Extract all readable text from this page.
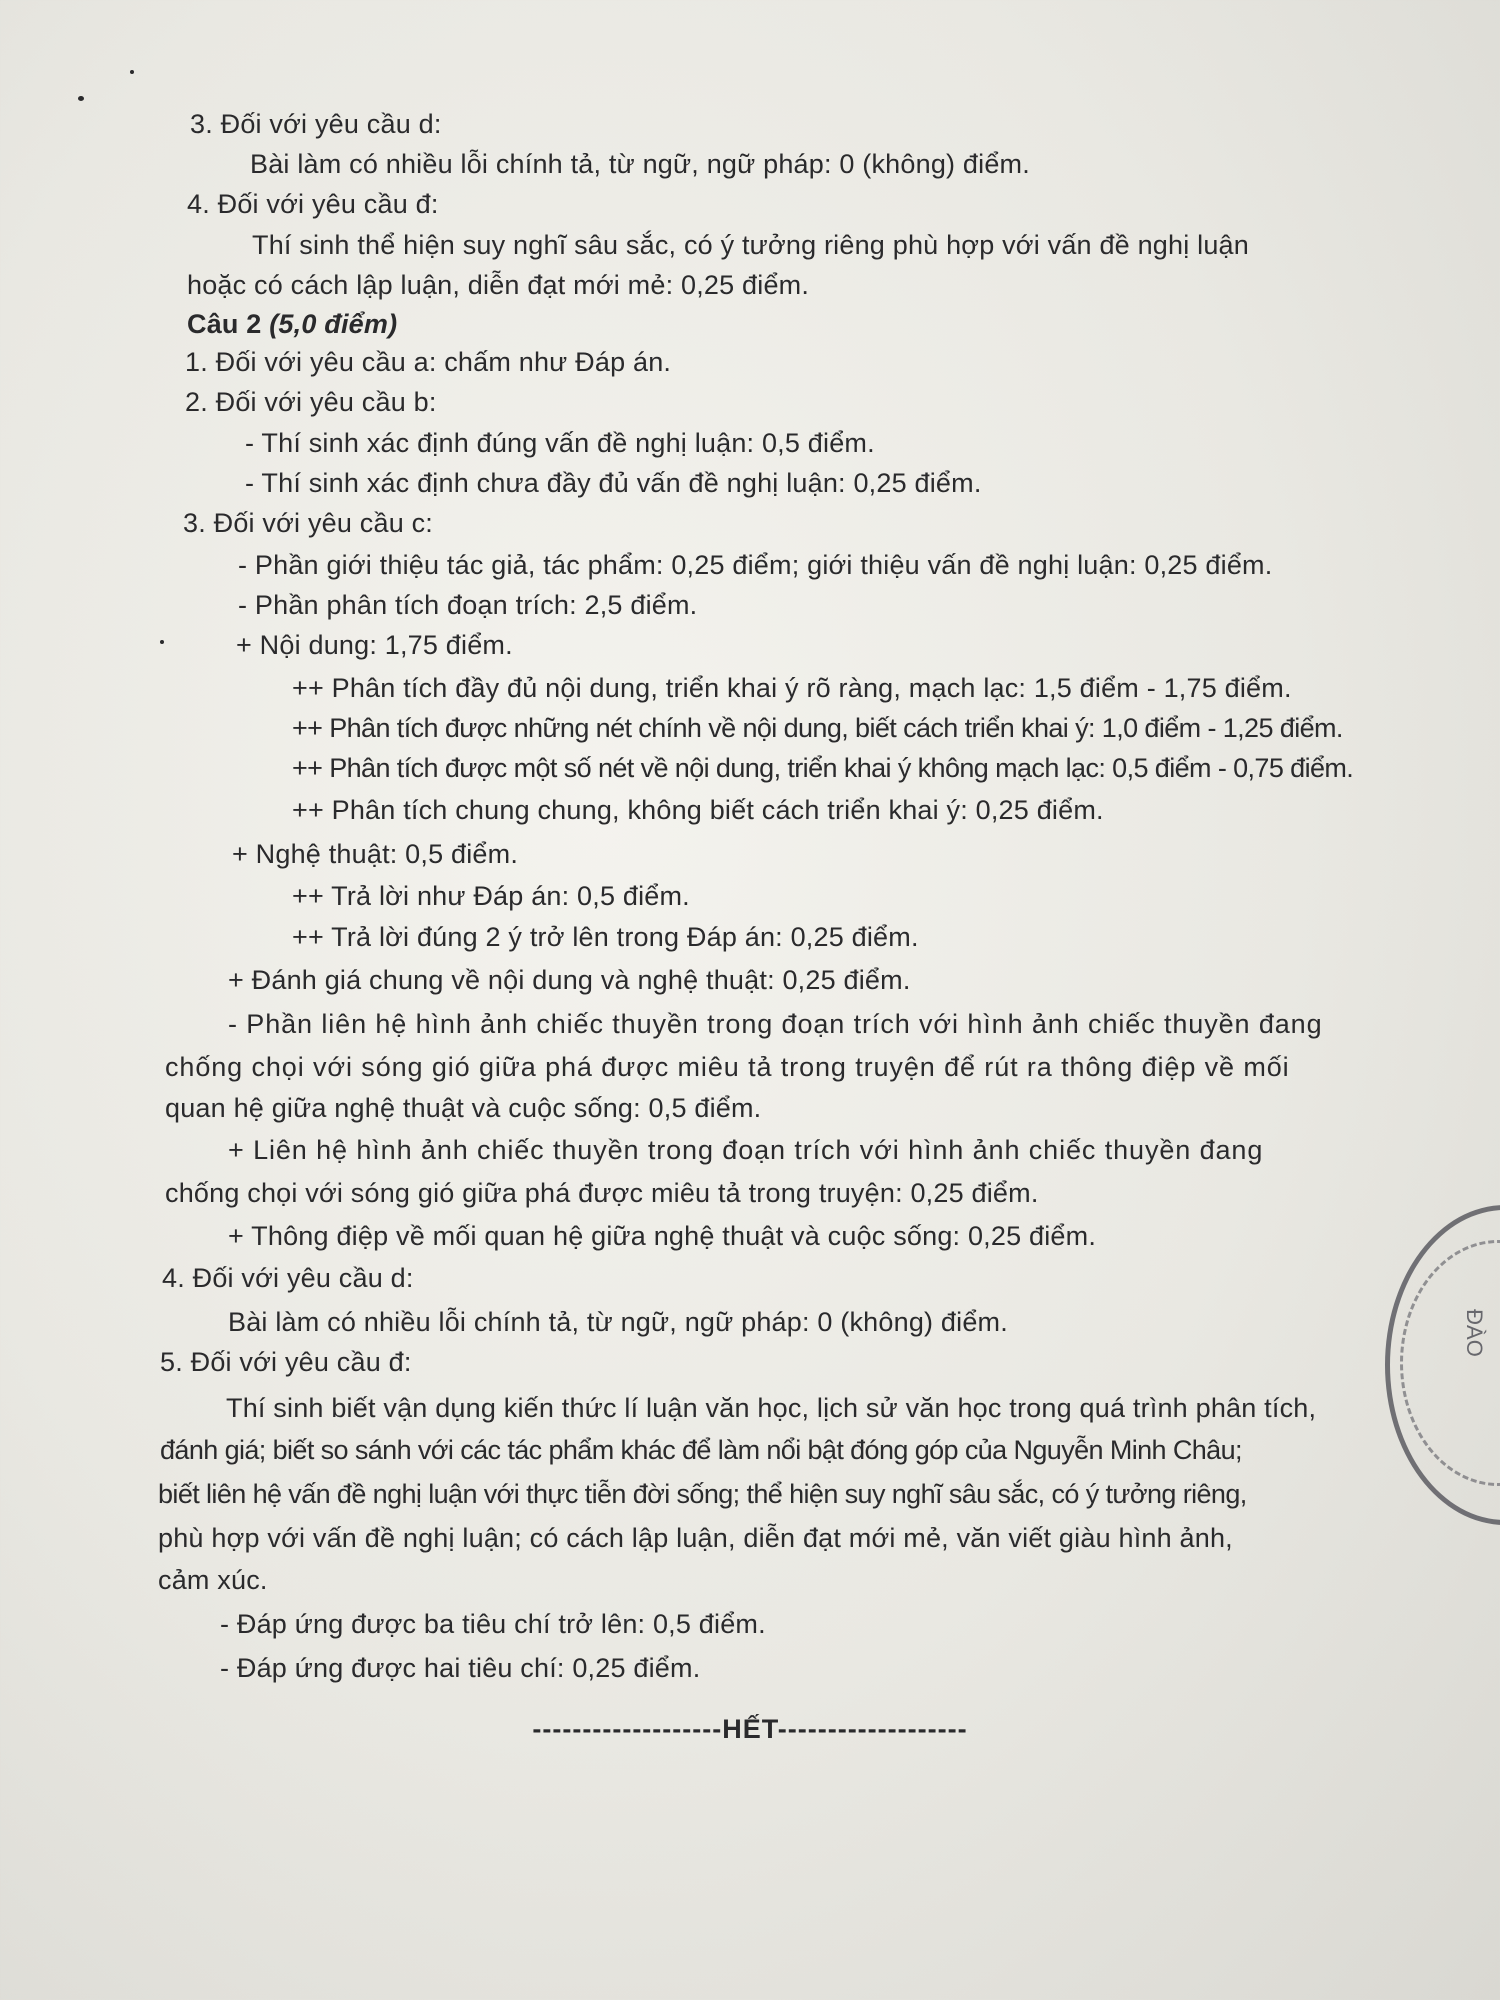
ĐÀO
-------------------HẾT-------------------
3. Đối với yêu cầu d:
Bài làm có nhiều lỗi chính tả, từ ngữ, ngữ pháp: 0 (không) điểm.
4. Đối với yêu cầu đ:
Thí sinh thể hiện suy nghĩ sâu sắc, có ý tưởng riêng phù hợp với vấn đề nghị luận
hoặc có cách lập luận, diễn đạt mới mẻ: 0,25 điểm.
Câu 2 (5,0 điểm)
1. Đối với yêu cầu a: chấm như Đáp án.
2. Đối với yêu cầu b:
- Thí sinh xác định đúng vấn đề nghị luận: 0,5 điểm.
- Thí sinh xác định chưa đầy đủ vấn đề nghị luận: 0,25 điểm.
3. Đối với yêu cầu c:
- Phần giới thiệu tác giả, tác phẩm: 0,25 điểm; giới thiệu vấn đề nghị luận: 0,25 điểm.
- Phần phân tích đoạn trích: 2,5 điểm.
+ Nội dung: 1,75 điểm.
++ Phân tích đầy đủ nội dung, triển khai ý rõ ràng, mạch lạc: 1,5 điểm - 1,75 điểm.
++ Phân tích được những nét chính về nội dung, biết cách triển khai ý: 1,0 điểm - 1,25 điểm.
++ Phân tích được một số nét về nội dung, triển khai ý không mạch lạc: 0,5 điểm - 0,75 điểm.
++ Phân tích chung chung, không biết cách triển khai ý: 0,25 điểm.
+ Nghệ thuật: 0,5 điểm.
++ Trả lời như Đáp án: 0,5 điểm.
++ Trả lời đúng 2 ý trở lên trong Đáp án: 0,25 điểm.
+ Đánh giá chung về nội dung và nghệ thuật: 0,25 điểm.
- Phần liên hệ hình ảnh chiếc thuyền trong đoạn trích với hình ảnh chiếc thuyền đang
chống chọi với sóng gió giữa phá được miêu tả trong truyện để rút ra thông điệp về mối
quan hệ giữa nghệ thuật và cuộc sống: 0,5 điểm.
+ Liên hệ hình ảnh chiếc thuyền trong đoạn trích với hình ảnh chiếc thuyền đang
chống chọi với sóng gió giữa phá được miêu tả trong truyện: 0,25 điểm.
+ Thông điệp về mối quan hệ giữa nghệ thuật và cuộc sống: 0,25 điểm.
4. Đối với yêu cầu d:
Bài làm có nhiều lỗi chính tả, từ ngữ, ngữ pháp: 0 (không) điểm.
5. Đối với yêu cầu đ:
Thí sinh biết vận dụng kiến thức lí luận văn học, lịch sử văn học trong quá trình phân tích,
đánh giá; biết so sánh với các tác phẩm khác để làm nổi bật đóng góp của Nguyễn Minh Châu;
biết liên hệ vấn đề nghị luận với thực tiễn đời sống; thể hiện suy nghĩ sâu sắc, có ý tưởng riêng,
phù hợp với vấn đề nghị luận; có cách lập luận, diễn đạt mới mẻ, văn viết giàu hình ảnh,
cảm xúc.
- Đáp ứng được ba tiêu chí trở lên: 0,5 điểm.
- Đáp ứng được hai tiêu chí: 0,25 điểm.
